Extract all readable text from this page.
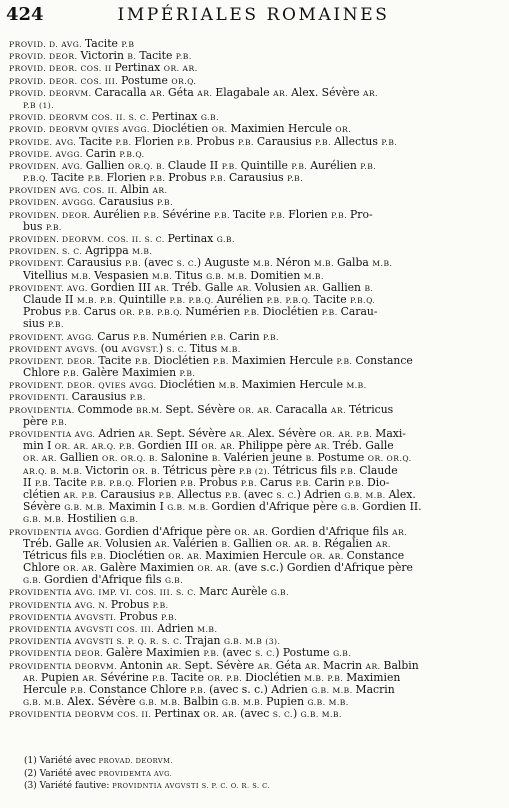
424	IMPÉRIALES ROMAINES
PROVID. D. AVG. Tacite P.B
PROVID. DEOR. Victorin B. Tacite P.B.
PROVID. DEOR. COS. II Pertinax OR. AR.
PROVID. DEOR. COS. III. Postume OR.Q.
PROVID. DEORVM. Caracalla AR. Géta AR. Elagabale AR. Alex. Sévère AR.
P.B (1).
PROVID. DEORVM COS. II. S. C. Pertinax G.B.
PROVID. DEORVM QVIES AVGG. Dioclétien OR. Maximien Hercule OR.
PROVIDE. AVG. Tacite P.B. Florien P.B. Probus P.B. Carausius P.B. Allectus P.B.
PROVIDE. AVGG. Carin P.B.Q.
PROVIDEN. AVG. Gallien OR.Q. B. Claude II P.B. Quintille P.B. Aurélien P.B.
P.B.Q. Tacite P.B. Florien P.B. Probus P.B. Carausius P.B.
PROVIDEN AVG. COS. II. Albin AR.
PROVIDEN. AVGGG. Carausius P.B.
PROVIDEN. DEOR. Aurélien P.B. Sévérine P.B. Tacite P.B. Florien P.B. Pro-
bus P.B.
PROVIDEN. DEORVM. COS. II. S. C. Pertinax G.B.
PROVIDEN. S. C. Agrippa M.B.
PROVIDENT. Carausius P.B. (avec S. C.) Auguste M.B. Néron M.B. Galba M.B.
Vitellius M.B. Vespasien M.B. Titus G.B. M.B. Domitien M.B.
PROVIDENT. AVG. Gordien III AR. Tréb. Galle AR. Volusien AR. Gallien B.
Claude II M.B. P.B. Quintille P.B. P.B.Q. Aurélien P.B. P.B.Q. Tacite P.B.Q.
Probus P.B. Carus OR. P.B. P.B.Q. Numérien P.B. Dioclétien P.B. Carau-
sius P.B.
PROVIDENT. AVGG. Carus P.B. Numérien P.B. Carin P.B.
PROVIDENT AVGVS. (ou AVGVST.) S. C. Titus M.B.
PROVIDENT. DEOR. Tacite P.B. Dioclétien P.B. Maximien Hercule P.B. Constance
Chlore P.B. Galère Maximien P.B.
PROVIDENT. DEOR. QVIES AVGG. Dioclétien M.B. Maximien Hercule M.B.
PROVIDENTI. Carausius P.B.
PROVIDENTIA. Commode BR.M. Sept. Sévère OR. AR. Caracalla AR. Tétricus
père P.B.
PROVIDENTIA AVG. Adrien AR. Sept. Sévère AR. Alex. Sévère OR. AR. P.B. Maxi-
min I OR. AR. AR.Q. P.B. Gordien III OR. AR. Philippe père AR. Tréb. Galle
OR. AR. Gallien OR. OR.Q. B. Salonine B. Valérien jeune B. Postume OR. OR.Q.
AR.Q. B. M.B. Victorin OR. B. Tétricus père P.B (2). Tétricus fils P.B. Claude
II P.B. Tacite P.B. P.B.Q. Florien P.B. Probus P.B. Carus P.B. Carin P.B. Dio-
clétien AR. P.B. Carausius P.B. Allectus P.B. (avec S. C.) Adrien G.B. M.B. Alex.
Sévère G.B. M.B. Maximin I G.B. M.B. Gordien d'Afrique père G.B. Gordien II.
G.B. M.B. Hostilien G.B.
PROVIDENTIA AVGG. Gordien d'Afrique père OR. AR. Gordien d'Afrique fils AR.
Tréb. Galle AR. Volusien AR. Valérien B. Gallien OR. AR. B. Régalien AR.
Tétricus fils P.B. Dioclétien OR. AR. Maximien Hercule OR. AR. Constance
Chlore OR. AR. Galère Maximien OR. AR. (ave s.c.) Gordien d'Afrique père
G.B. Gordien d'Afrique fils G.B.
PROVIDENTIA AVG. IMP. VI. COS. III. S. C. Marc Aurèle G.B.
PROVIDENTIA AVG. N. Probus P.B.
PROVIDENTIA AVGVSTI. Probus P.B.
PROVIDENTIA AVGVSTI COS. III. Adrien M.B.
PROVIDENTIA AVGVSTI S. P. Q. R. S. C. Trajan G.B. M.B (3).
PROVIDENTIA DEOR. Galère Maximien P.B. (avec S. C.) Postume G.B.
PROVIDENTIA DEORVM. Antonin AR. Sept. Sévère AR. Géta AR. Macrin AR. Balbin
AR. Pupien AR. Sévérine P.B. Tacite OR. P.B. Dioclétien M.B. P.B. Maximien
Hercule P.B. Constance Chlore P.B. (avec s. c.) Adrien G.B. M.B. Macrin
G.B. M.B. Alex. Sévère G.B. M.B. Balbin G.B. M.B. Pupien G.B. M.B.
PROVIDENTIA DEORVM COS. II. Pertinax OR. AR. (avec S. C.) G.B. M.B.
(1) Variété avec PROVAD. DEORVM.
(2) Variété avec PROVIDEMTA AVG.
(3) Variété fautive: PROVIDNTIA AVGVSTI S. P. C. O. R. S. C.
